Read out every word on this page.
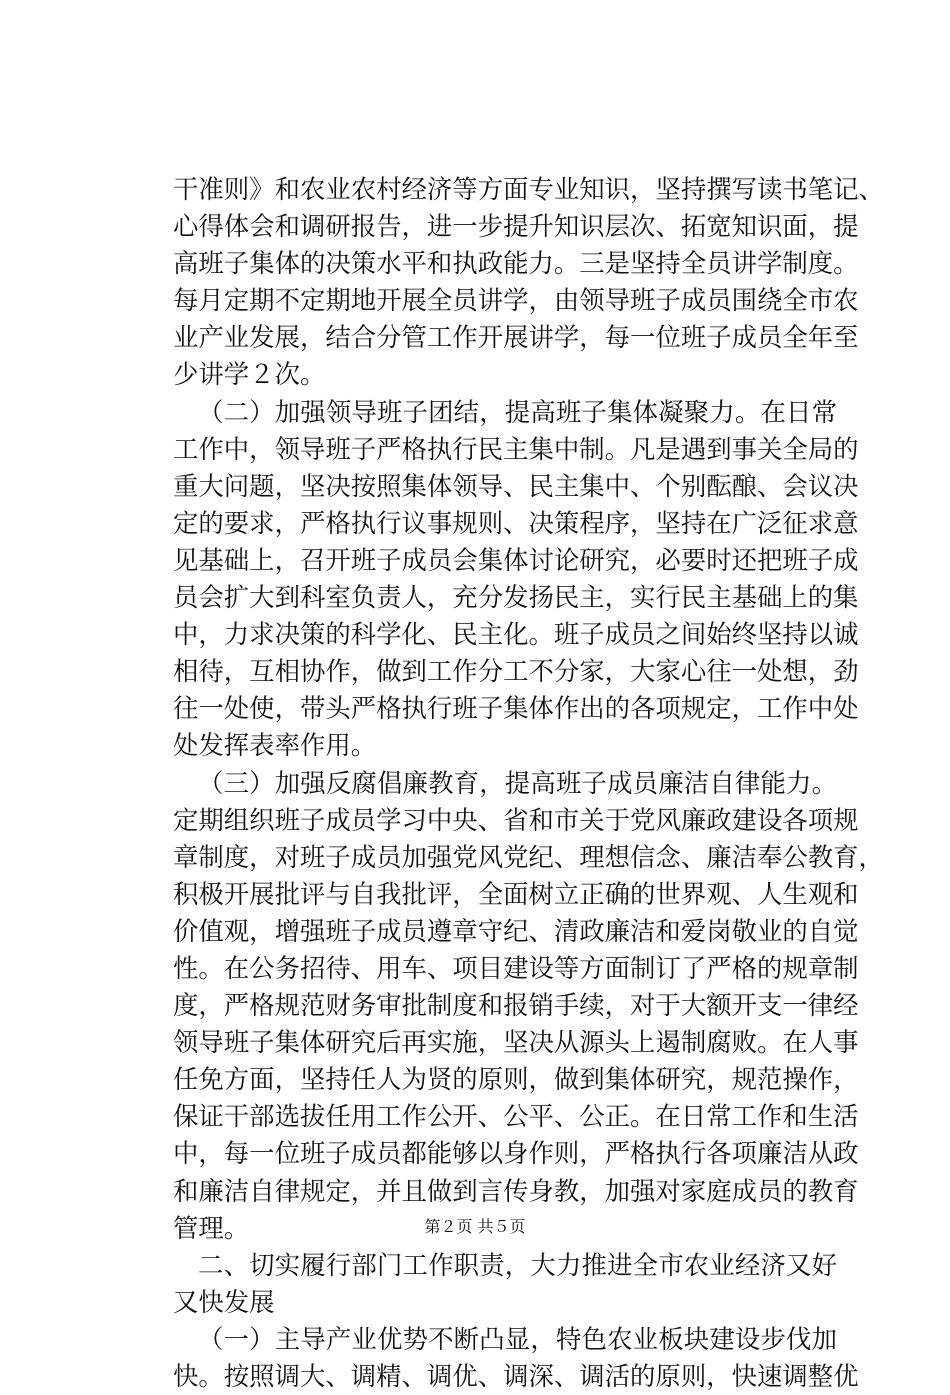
干准则》和农业农村经济等方面专业知识，坚持撰写读书笔记、
心得体会和调研报告，进一步提升知识层次、拓宽知识面，提
高班子集体的决策水平和执政能力。三是坚持全员讲学制度。
每月定期不定期地开展全员讲学，由领导班子成员围绕全市农
业产业发展，结合分管工作开展讲学，每一位班子成员全年至
少讲学２次。
（二）加强领导班子团结，提高班子集体凝聚力。在日常
工作中，领导班子严格执行民主集中制。凡是遇到事关全局的
重大问题，坚决按照集体领导、民主集中、个别酝酿、会议决
定的要求，严格执行议事规则、决策程序，坚持在广泛征求意
见基础上，召开班子成员会集体讨论研究，必要时还把班子成
员会扩大到科室负责人，充分发扬民主，实行民主基础上的集
中，力求决策的科学化、民主化。班子成员之间始终坚持以诚
相待，互相协作，做到工作分工不分家，大家心往一处想，劲
往一处使，带头严格执行班子集体作出的各项规定，工作中处
处发挥表率作用。
（三）加强反腐倡廉教育，提高班子成员廉洁自律能力。
定期组织班子成员学习中央、省和市关于党风廉政建设各项规
章制度，对班子成员加强党风党纪、理想信念、廉洁奉公教育，
积极开展批评与自我批评，全面树立正确的世界观、人生观和
价值观，增强班子成员遵章守纪、清政廉洁和爱岗敬业的自觉
性。在公务招待、用车、项目建设等方面制订了严格的规章制
度，严格规范财务审批制度和报销手续，对于大额开支一律经
领导班子集体研究后再实施，坚决从源头上遏制腐败。在人事
任免方面，坚持任人为贤的原则，做到集体研究，规范操作，
保证干部选拔任用工作公开、公平、公正。在日常工作和生活
中，每一位班子成员都能够以身作则，严格执行各项廉洁从政
和廉洁自律规定，并且做到言传身教，加强对家庭成员的教育
管理。
二、切实履行部门工作职责，大力推进全市农业经济又好
又快发展
（一）主导产业优势不断凸显，特色农业板块建设步伐加
快。按照调大、调精、调优、调深、调活的原则，快速调整优
第２页 共５页
